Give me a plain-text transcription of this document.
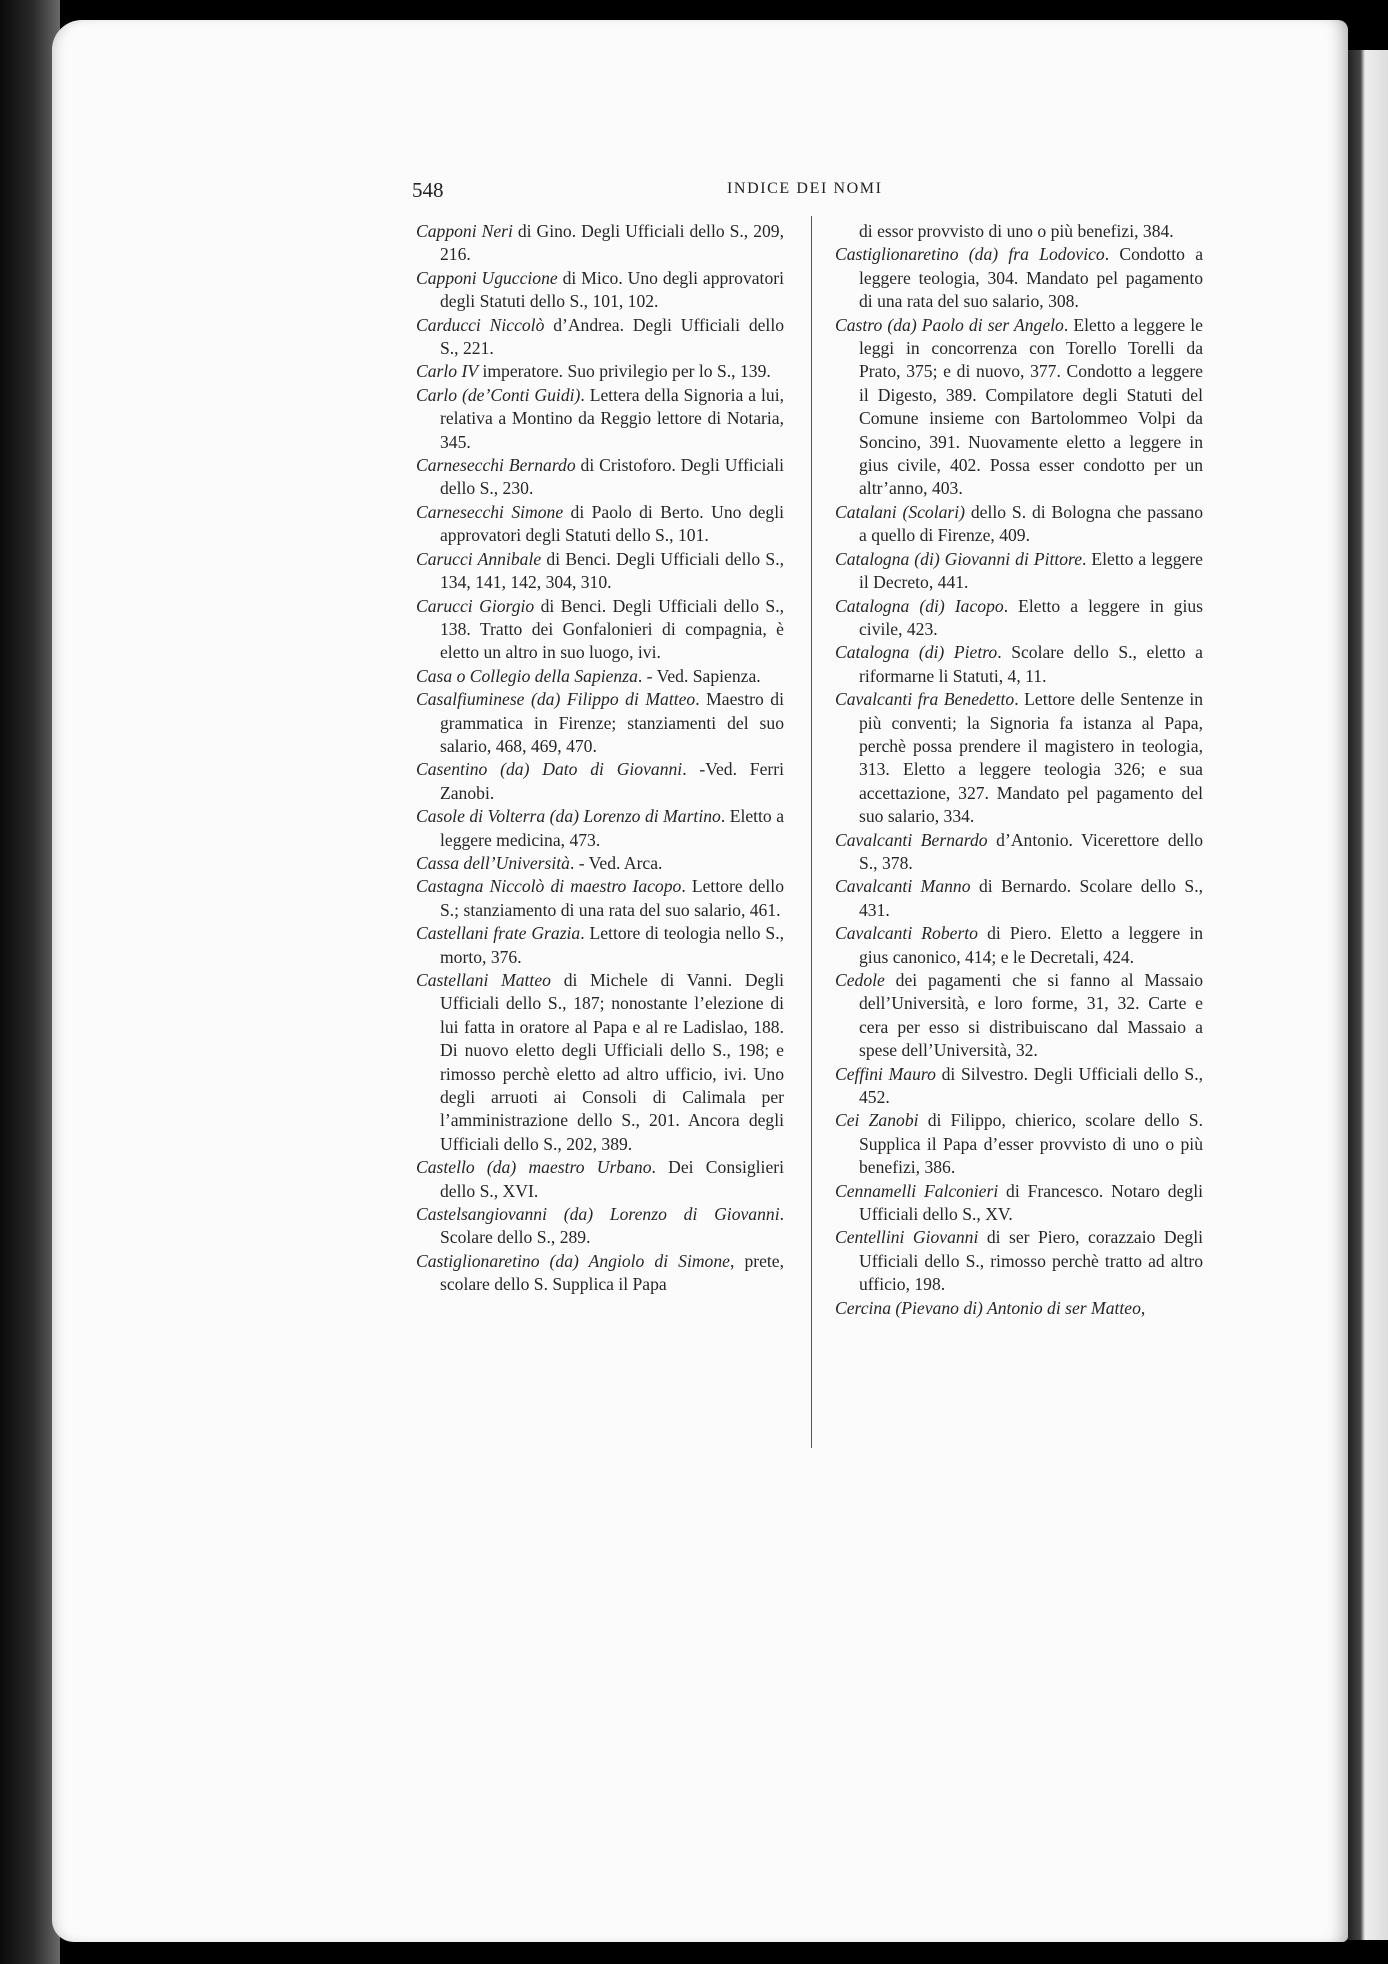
548	INDICE DEI NOMI

Capponi Neri di Gino. Degli Ufficiali dello S., 209, 216.

Capponi Uguccione di Mico. Uno degli approvatori degli Statuti dello S., 101, 102.

Carducci Niccolò d’Andrea. Degli Ufficiali dello S., 221.

Carlo IV imperatore. Suo privilegio per lo S., 139.

Carlo (de’Conti Guidi). Lettera della Signoria a lui, relativa a Montino da Reggio lettore di Notaria, 345.

Carnesecchi Bernardo di Cristoforo. Degli Ufficiali dello S., 230.

Carnesecchi Simone di Paolo di Berto. Uno degli approvatori degli Statuti dello S., 101.

Carucci Annibale di Benci. Degli Ufficiali dello S., 134, 141, 142, 304, 310.

Carucci Giorgio di Benci. Degli Ufficiali dello S., 138. Tratto dei Gonfalonieri di compagnia, è eletto un altro in suo luogo, ivi.

Casa o Collegio della Sapienza. - Ved. Sapienza.

Casalfiuminese (da) Filippo di Matteo. Maestro di grammatica in Firenze; stanziamenti del suo salario, 468, 469, 470.

Casentino (da) Dato di Giovanni. -Ved. Ferri Zanobi.

Casole di Volterra (da) Lorenzo di Martino. Eletto a leggere medicina, 473.

Cassa dell’Università. - Ved. Arca.

Castagna Niccolò di maestro Iacopo. Lettore dello S.; stanziamento di una rata del suo salario, 461.

Castellani frate Grazia. Lettore di teologia nello S., morto, 376.

Castellani Matteo di Michele di Vanni. Degli Ufficiali dello S., 187; nonostante l’elezione di lui fatta in oratore al Papa e al re Ladislao, 188. Di nuovo eletto degli Ufficiali dello S., 198; e rimosso perchè eletto ad altro ufficio, ivi. Uno degli arruoti ai Consoli di Calimala per l’amministrazione dello S., 201. Ancora degli Ufficiali dello S., 202, 389.

Castello (da) maestro Urbano. Dei Consiglieri dello S., XVI.

Castelsangiovanni (da) Lorenzo di Giovanni. Scolare dello S., 289.

Castiglionaretino (da) Angiolo di Simone, prete, scolare dello S. Supplica il Papa

di essor provvisto di uno o più benefizi, 384.

Castiglionaretino (da) fra Lodovico. Condotto a leggere teologia, 304. Mandato pel pagamento di una rata del suo salario, 308.

Castro (da) Paolo di ser Angelo. Eletto a leggere le leggi in concorrenza con Torello Torelli da Prato, 375; e di nuovo, 377. Condotto a leggere il Digesto, 389. Compilatore degli Statuti del Comune insieme con Bartolommeo Volpi da Soncino, 391. Nuovamente eletto a leggere in gius civile, 402. Possa esser condotto per un altr’anno, 403.

Catalani (Scolari) dello S. di Bologna che passano a quello di Firenze, 409.

Catalogna (di) Giovanni di Pittore. Eletto a leggere il Decreto, 441.

Catalogna (di) Iacopo. Eletto a leggere in gius civile, 423.

Catalogna (di) Pietro. Scolare dello S., eletto a riformarne li Statuti, 4, 11.

Cavalcanti fra Benedetto. Lettore delle Sentenze in più conventi; la Signoria fa istanza al Papa, perchè possa prendere il magistero in teologia, 313. Eletto a leggere teologia 326; e sua accettazione, 327. Mandato pel pagamento del suo salario, 334.

Cavalcanti Bernardo d’Antonio. Vicerettore dello S., 378.

Cavalcanti Manno di Bernardo. Scolare dello S., 431.

Cavalcanti Roberto di Piero. Eletto a leggere in gius canonico, 414; e le Decretali, 424.

Cedole dei pagamenti che si fanno al Massaio dell’Università, e loro forme, 31, 32. Carte e cera per esso si distribuiscano dal Massaio a spese dell’Università, 32.

Ceffini Mauro di Silvestro. Degli Ufficiali dello S., 452.

Cei Zanobi di Filippo, chierico, scolare dello S. Supplica il Papa d’esser provvisto di uno o più benefizi, 386.

Cennamelli Falconieri di Francesco. Notaro degli Ufficiali dello S., XV.

Centellini Giovanni di ser Piero, corazzaio Degli Ufficiali dello S., rimosso perchè tratto ad altro ufficio, 198.

Cercina (Pievano di) Antonio di ser Matteo,
